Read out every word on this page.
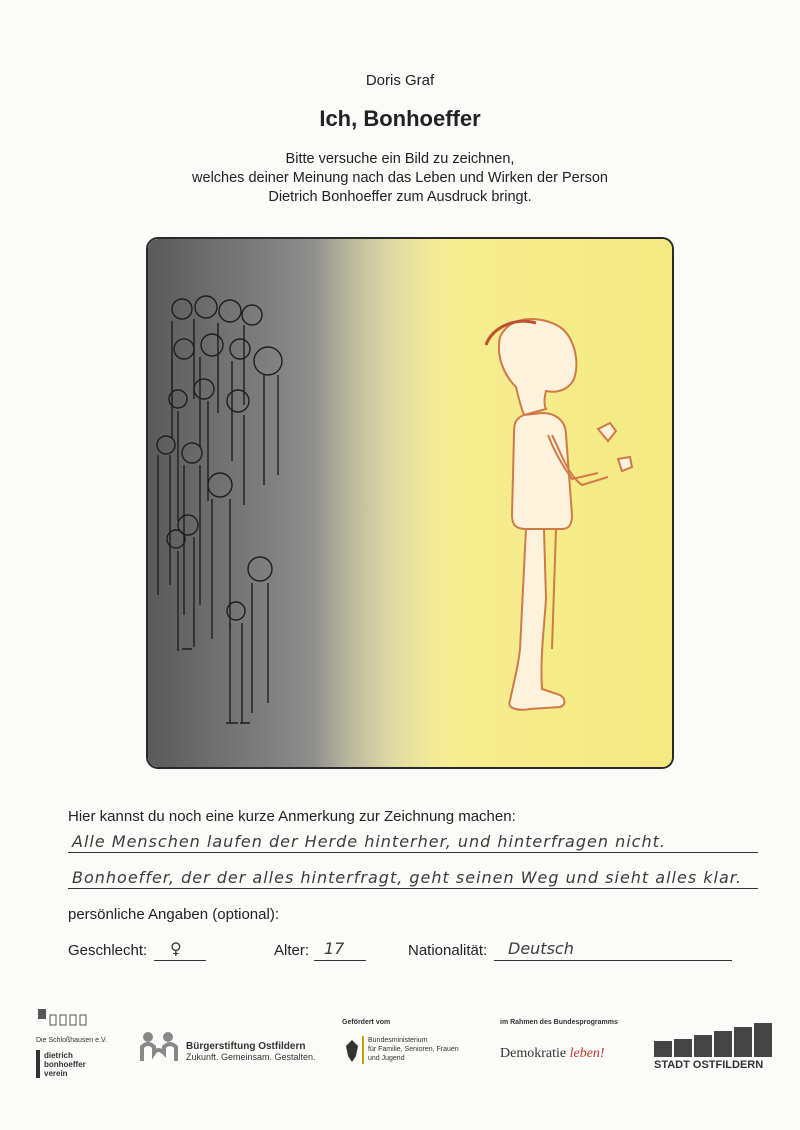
Doris Graf
Ich, Bonhoeffer
Bitte versuche ein Bild zu zeichnen,
welches deiner Meinung nach das Leben und Wirken der Person
Dietrich Bonhoeffer zum Ausdruck bringt.
Hier kannst du noch eine kurze Anmerkung zur Zeichnung machen:
Alle Menschen laufen der Herde hinterher, und hinterfragen nicht.
Bonhoeffer, der der alles hinterfragt, geht seinen Weg und sieht alles klar.
persönliche Angaben (optional):
Geschlecht: ♀	Alter: 17	Nationalität: Deutsch
Die Schloßhausen e.V.
dietrich bonhoeffer verein
Bürgerstiftung Ostfildern
Zukunft. Gemeinsam. Gestalten.
Gefördert vom
Bundesministerium
für Familie, Senioren, Frauen
und Jugend
im Rahmen des Bundesprogramms
Demokratie leben!
STADT OSTFILDERN
